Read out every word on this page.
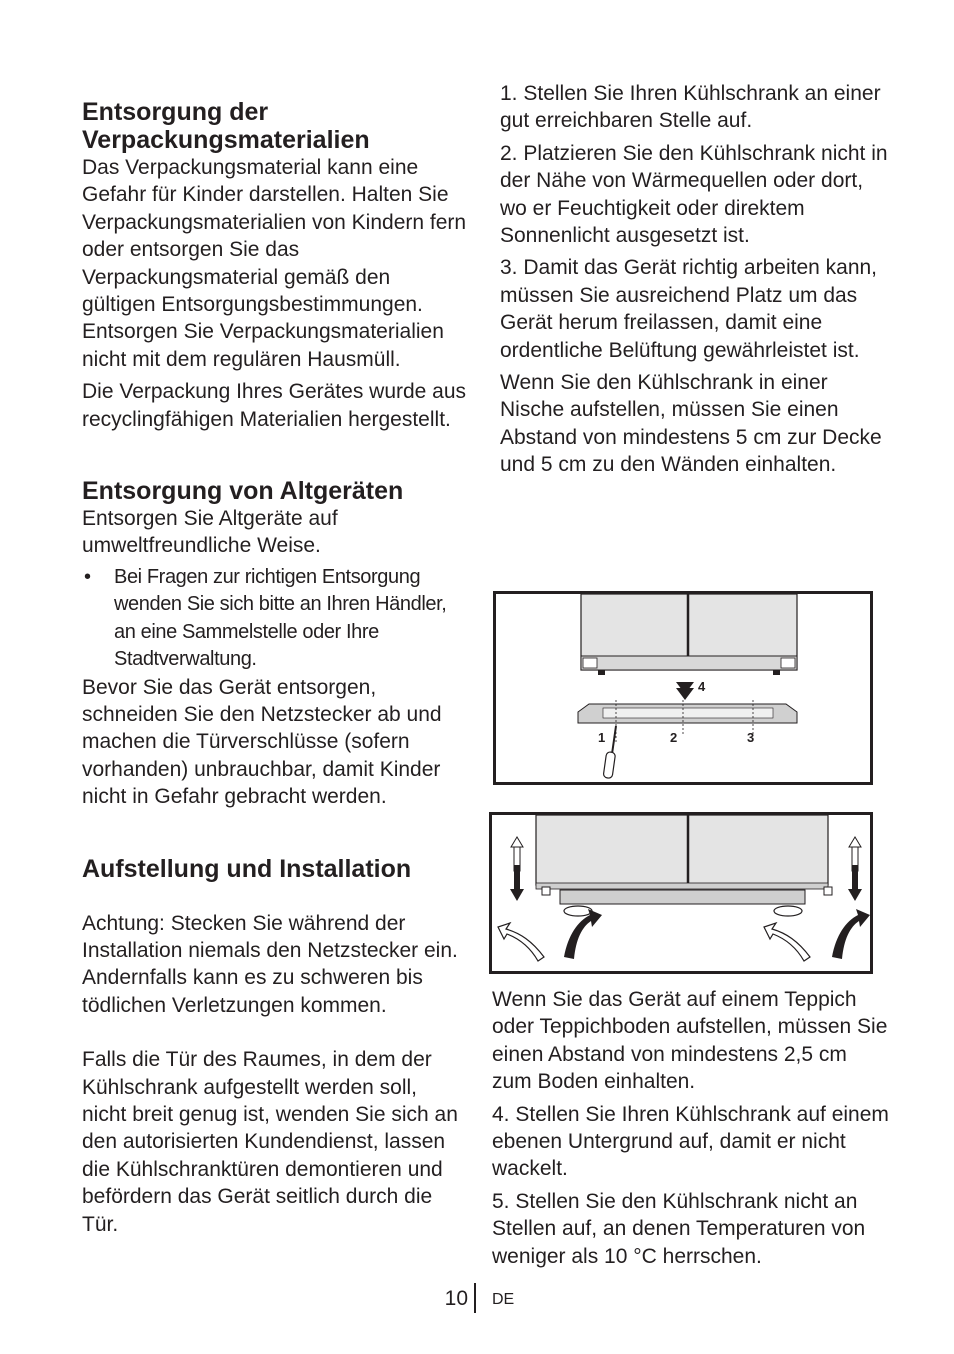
Entsorgung der Verpackungsmaterialien

Das Verpackungsmaterial kann eine Gefahr für Kinder darstellen. Halten Sie Verpackungsmaterialien von Kindern fern oder entsorgen Sie das Verpackungsmaterial gemäß den gültigen Entsorgungsbestimmungen. Entsorgen Sie Verpackungsmaterialien nicht mit dem regulären Hausmüll.

Die Verpackung Ihres Gerätes wurde aus recyclingfähigen Materialien hergestellt.

Entsorgung von Altgeräten

Entsorgen Sie Altgeräte auf umweltfreundliche Weise.

• Bei Fragen zur richtigen Entsorgung wenden Sie sich bitte an Ihren Händler, an eine Sammelstelle oder Ihre Stadtverwaltung.

Bevor Sie das Gerät entsorgen, schneiden Sie den Netzstecker ab und machen die Türverschlüsse (sofern vorhanden) unbrauchbar, damit Kinder nicht in Gefahr gebracht werden.

Aufstellung und Installation

Achtung: Stecken Sie während der Installation niemals den Netzstecker ein. Andernfalls kann es zu schweren bis tödlichen Verletzungen kommen.

Falls die Tür des Raumes, in dem der Kühlschrank aufgestellt werden soll, nicht breit genug ist, wenden Sie sich an den autorisierten Kundendienst, lassen die Kühlschranktüren demontieren und befördern das Gerät seitlich durch die Tür.

1. Stellen Sie Ihren Kühlschrank an einer gut erreichbaren Stelle auf.

2. Platzieren Sie den Kühlschrank nicht in der Nähe von Wärmequellen oder dort, wo er Feuchtigkeit oder direktem Sonnenlicht ausgesetzt ist.

3. Damit das Gerät richtig arbeiten kann, müssen Sie ausreichend Platz um das Gerät herum freilassen, damit eine ordentliche Belüftung gewährleistet ist.

Wenn Sie den Kühlschrank in einer Nische aufstellen, müssen Sie einen Abstand von mindestens 5 cm zur Decke und 5 cm zu den Wänden einhalten.

4
1	2	3

Wenn Sie das Gerät auf einem Teppich oder Teppichboden aufstellen, müssen Sie einen Abstand von mindestens 2,5 cm zum Boden einhalten.

4. Stellen Sie Ihren Kühlschrank auf einem ebenen Untergrund auf, damit er nicht wackelt.

5. Stellen Sie den Kühlschrank nicht an Stellen auf, an denen Temperaturen von weniger als 10 °C herrschen.

10 DE
